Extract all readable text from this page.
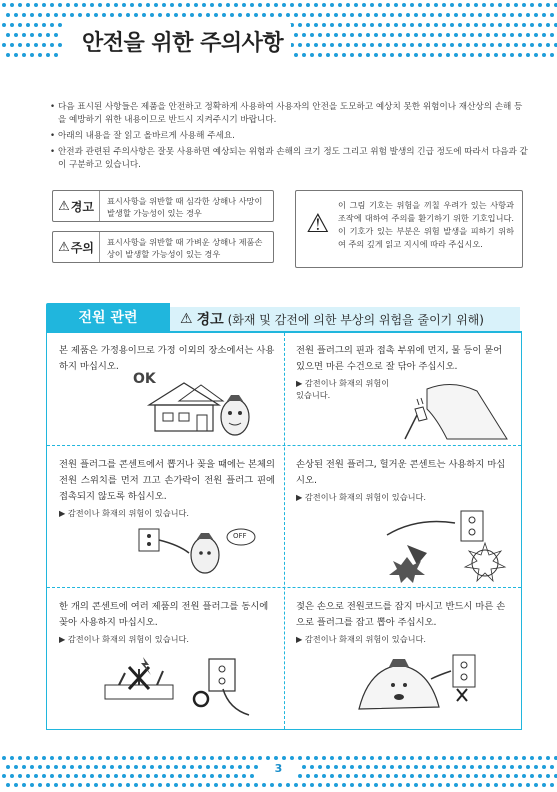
안전을 위한 주의사항
• 다음 표시된 사항들은 제품을 안전하고 정확하게 사용하여 사용자의 안전을 도모하고 예상치 못한 위험이나 재산상의 손해 등을 예방하기 위한 내용이므로 반드시 지켜주시기 바랍니다.
• 아래의 내용을 잘 읽고 올바르게 사용해 주세요.
• 안전과 관련된 주의사항은 잘못 사용하면 예상되는 위험과 손해의 크기 정도 그리고 위험 발생의 긴급 정도에 따라서 다음과 같이 구분하고 있습니다.
⚠ 경고 표시사항을 위반할 때 심각한 상해나 사망이 발생할 가능성이 있는 경우
⚠ 주의 표시사항을 위반할 때 가벼운 상해나 제품손상이 발생할 가능성이 있는 경우
⚠
이 그림 기호는 위험을 끼칠 우려가 있는 사항과 조작에 대하여 주의를 환기하기 위한 기호입니다. 이 기호가 있는 부분은 위험 발생을 피하기 위하여 주의 깊게 읽고 지시에 따라 주십시오.
전원 관련	⚠ 경고 (화재 및 감전에 의한 부상의 위험을 줄이기 위해)
본 제품은 가정용이므로 가정 이외의 장소에서는 사용하지 마십시오.
OK
전원 플러그의 핀과 접촉 부위에 먼지, 물 등이 묻어 있으면 마른 수건으로 잘 닦아 주십시오.
▶ 감전이나 화재의 위험이 있습니다.
전원 플러그를 콘센트에서 뽑거나 꽂을 때에는 본체의 전원 스위치를 먼저 끄고 손가락이 전원 플러그 핀에 접촉되지 않도록 하십시오.
▶ 감전이나 화재의 위험이 있습니다.
OFF
손상된 전원 플러그, 헐거운 콘센트는 사용하지 마십시오.
▶ 감전이나 화재의 위험이 있습니다.
한 개의 콘센트에 여러 제품의 전원 플러그를 동시에 꽂아 사용하지 마십시오.
▶ 감전이나 화재의 위험이 있습니다.
젖은 손으로 전원코드를 잡지 마시고 반드시 마른 손으로 플러그를 잡고 뽑아 주십시오.
▶ 감전이나 화재의 위험이 있습니다.
3
